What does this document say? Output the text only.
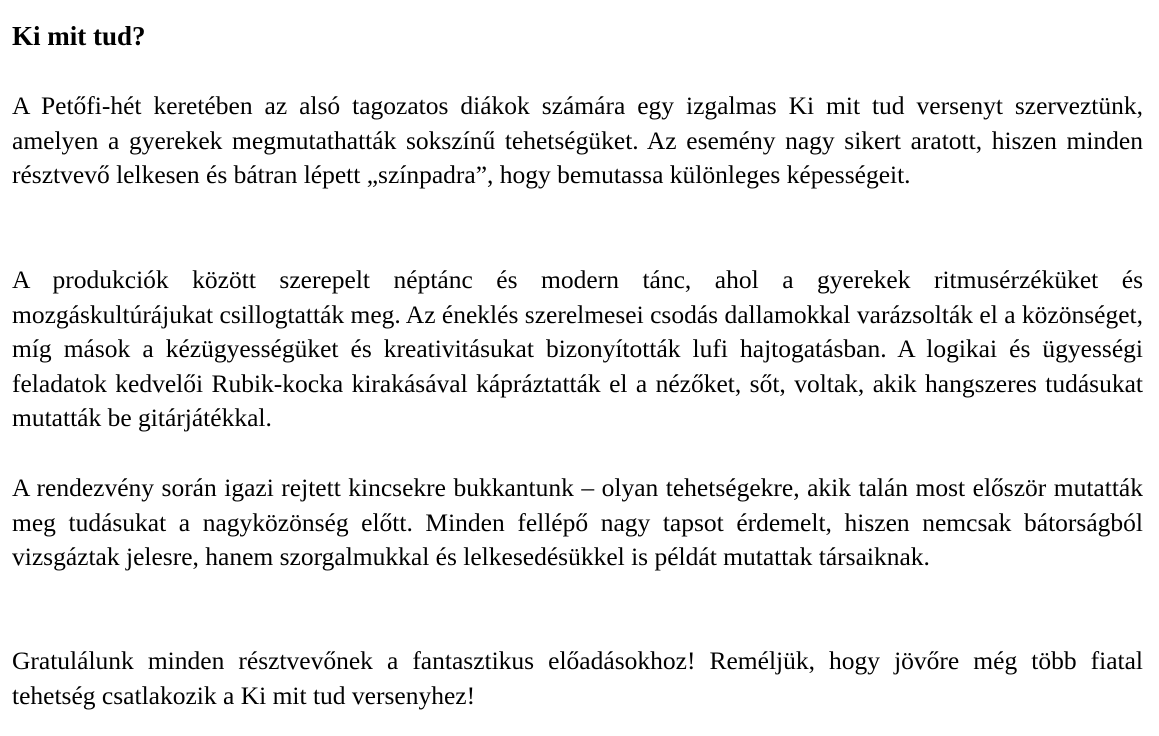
Ki mit tud?

A Petőfi-hét keretében az alsó tagozatos diákok számára egy izgalmas Ki mit tud versenyt szerveztünk, amelyen a gyerekek megmutathatták sokszínű tehetségüket. Az esemény nagy sikert aratott, hiszen minden résztvevő lelkesen és bátran lépett „színpadra”, hogy bemutassa különleges képességeit.

A produkciók között szerepelt néptánc és modern tánc, ahol a gyerekek ritmusérzéküket és mozgáskultúrájukat csillogtatták meg. Az éneklés szerelmesei csodás dallamokkal varázsolták el a közönséget, míg mások a kézügyességüket és kreativitásukat bizonyították lufi hajtogatásban. A logikai és ügyességi feladatok kedvelői Rubik-kocka kirakásával kápráztatták el a nézőket, sőt, voltak, akik hangszeres tudásukat mutatták be gitárjátékkal.

A rendezvény során igazi rejtett kincsekre bukkantunk – olyan tehetségekre, akik talán most először mutatták meg tudásukat a nagyközönség előtt. Minden fellépő nagy tapsot érdemelt, hiszen nemcsak bátorságból vizsgáztak jelesre, hanem szorgalmukkal és lelkesedésükkel is példát mutattak társaiknak.

Gratulálunk minden résztvevőnek a fantasztikus előadásokhoz! Reméljük, hogy jövőre még több fiatal tehetség csatlakozik a Ki mit tud versenyhez!
